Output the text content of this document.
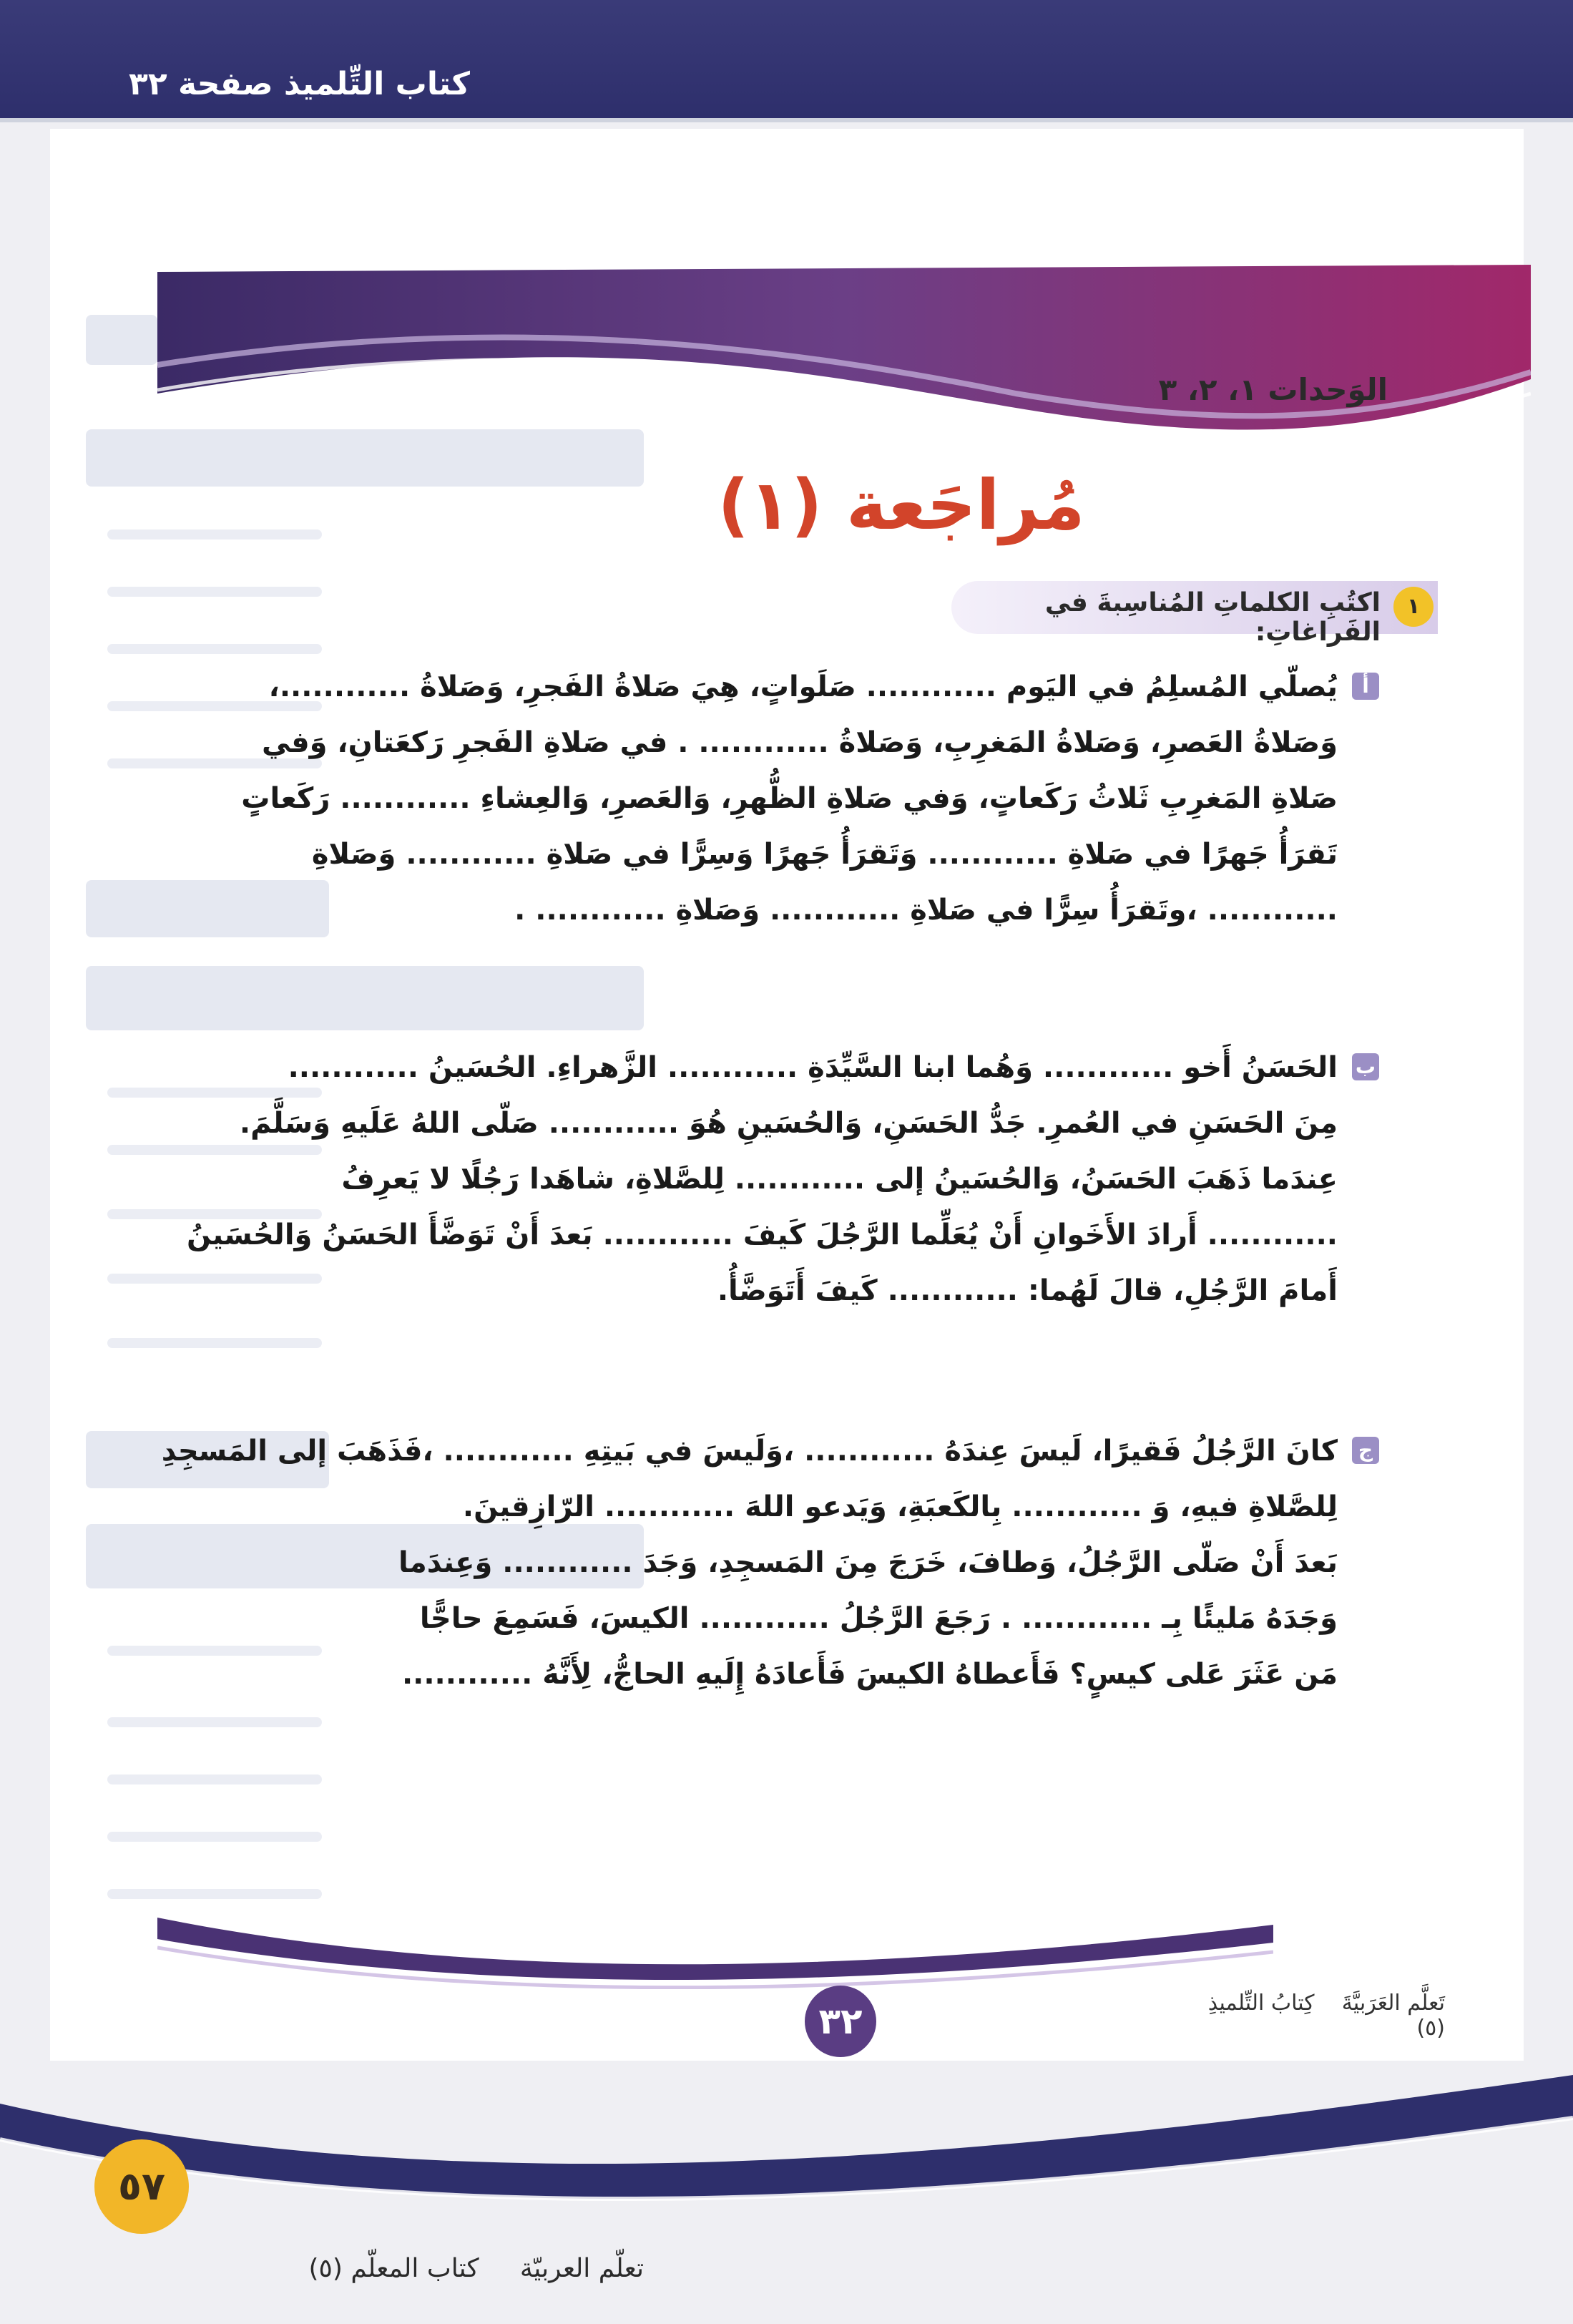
كتاب التِّلميذ صفحة ٣٢
الوَحدات ١، ٢، ٣
مُراجَعة (١)
اكتُبِ الكلماتِ المُناسِبةَ في الفَراغاتِ:
١
أ
يُصلّي المُسلِمُ في اليَوم ............ صَلَواتٍ، هِيَ صَلاةُ الفَجرِ، وَصَلاةُ ............،
وَصَلاةُ العَصرِ، وَصَلاةُ المَغرِبِ، وَصَلاةُ ............ . في صَلاةِ الفَجرِ رَكعَتانِ، وَفي
صَلاةِ المَغرِبِ ثَلاثُ رَكَعاتٍ، وَفي صَلاةِ الظُّهرِ، وَالعَصرِ، وَالعِشاءِ ............ رَكَعاتٍ
تَقرَأُ جَهرًا في صَلاةِ ............ وَتَقرَأُ جَهرًا وَسِرًّا في صَلاةِ ............ وَصَلاةِ
............ ،وتَقرَأُ سِرًّا في صَلاةِ ............ وَصَلاةِ ............ .
ب
الحَسَنُ أَخو ............ وَهُما ابنا السَّيِّدَةِ ............ الزَّهراءِ. الحُسَينُ ............
مِنَ الحَسَنِ في العُمرِ. جَدُّ الحَسَنِ، وَالحُسَينِ هُوَ ............ صَلّى اللهُ عَلَيهِ وَسَلَّمَ.
عِندَما ذَهَبَ الحَسَنُ، وَالحُسَينُ إلى ............ لِلصَّلاةِ، شاهَدا رَجُلًا لا يَعرِفُ
............ أَرادَ الأَخَوانِ أَنْ يُعَلِّما الرَّجُلَ كَيفَ ............ بَعدَ أَنْ تَوَضَّأَ الحَسَنُ وَالحُسَينُ
أَمامَ الرَّجُلِ، قالَ لَهُما: ............ كَيفَ أَتَوَضَّأُ.
ج
كانَ الرَّجُلُ فَقيرًا، لَيسَ عِندَهُ ............ ،وَلَيسَ في بَيتِهِ ............ ،فَذَهَبَ إلى المَسجِدِ
لِلصَّلاةِ فيهِ، وَ ............ بِالكَعبَةِ، وَيَدعو اللهَ ............ الرّازِقينَ.
بَعدَ أَنْ صَلّى الرَّجُلُ، وَطافَ، خَرَجَ مِنَ المَسجِدِ، وَجَدَ ............ وَعِندَما
وَجَدَهُ مَليئًا بِـ ............ . رَجَعَ الرَّجُلُ ............ الكيسَ، فَسَمِعَ حاجًّا
مَن عَثَرَ عَلى كيسٍ؟ فَأَعطاهُ الكيسَ فَأَعادَهُ إِلَيهِ الحاجُّ، لِأَنَّهُ ............
٣٢	تَعلَّم العَرَبيَّةَ    كِتابُ التِّلميذِ (٥)
٥٧
تعلّم العربيّة     كتاب المعلّم (٥)
